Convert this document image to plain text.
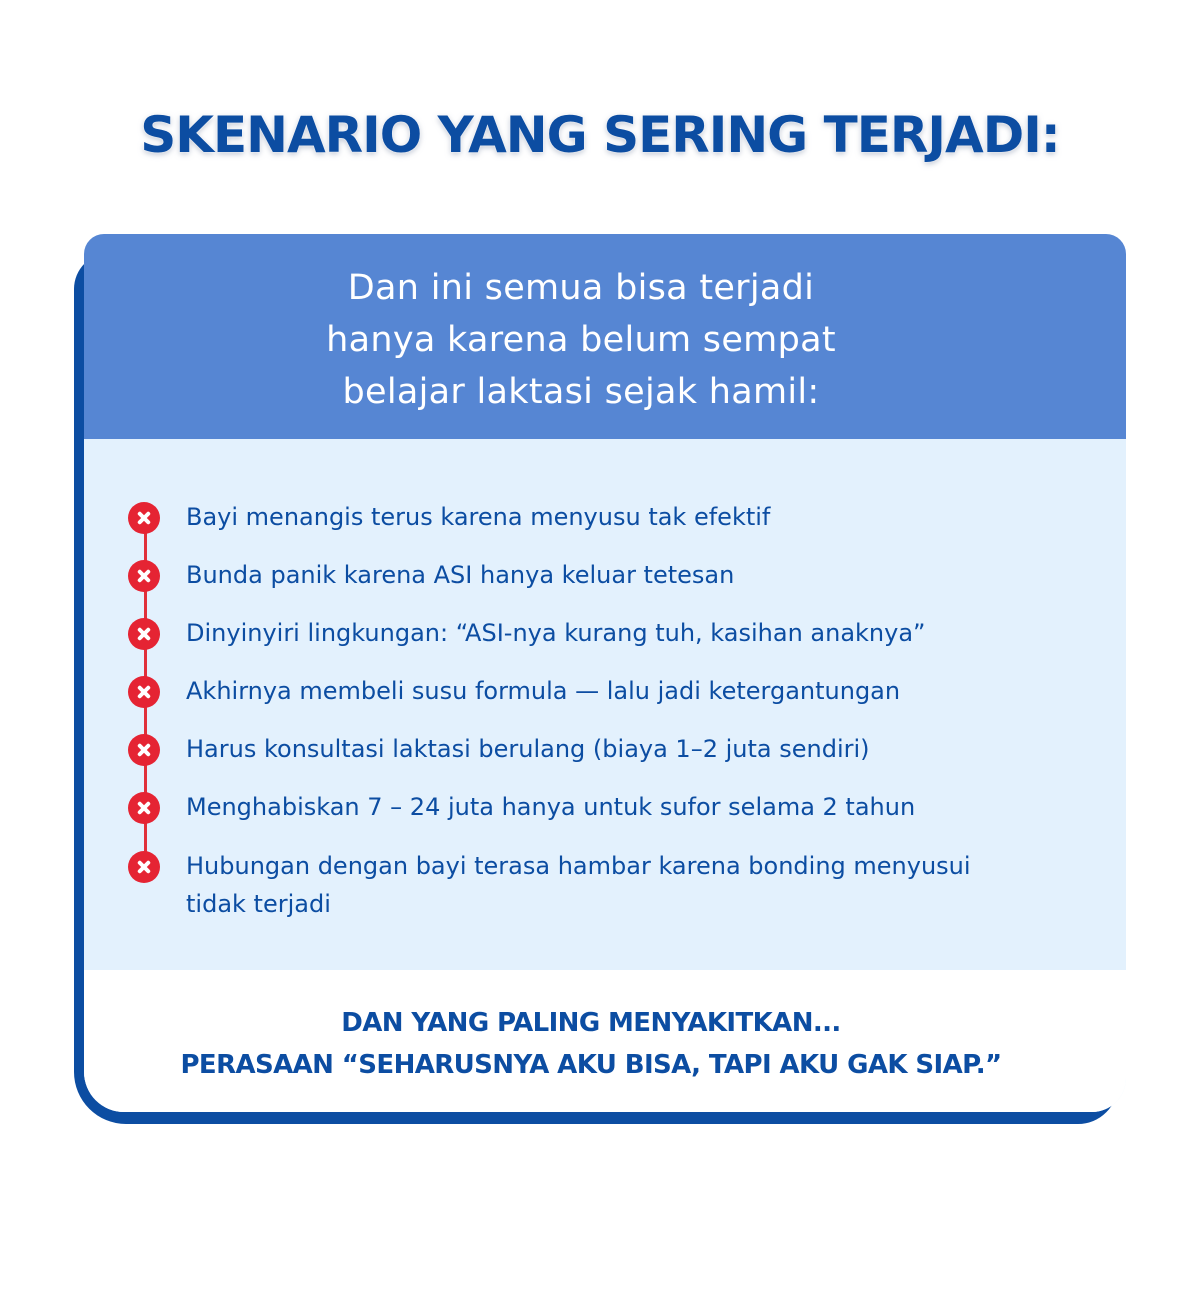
SKENARIO YANG SERING TERJADI:

Dan ini semua bisa terjadi
hanya karena belum sempat
belajar laktasi sejak hamil:

Bayi menangis terus karena menyusu tak efektif
Bunda panik karena ASI hanya keluar tetesan
Dinyinyiri lingkungan: “ASI-nya kurang tuh, kasihan anaknya”
Akhirnya membeli susu formula — lalu jadi ketergantungan
Harus konsultasi laktasi berulang (biaya 1–2 juta sendiri)
Menghabiskan 7 – 24 juta hanya untuk sufor selama 2 tahun
Hubungan dengan bayi terasa hambar karena bonding menyusui tidak terjadi

DAN YANG PALING MENYAKITKAN...
PERASAAN “SEHARUSNYA AKU BISA, TAPI AKU GAK SIAP.”
